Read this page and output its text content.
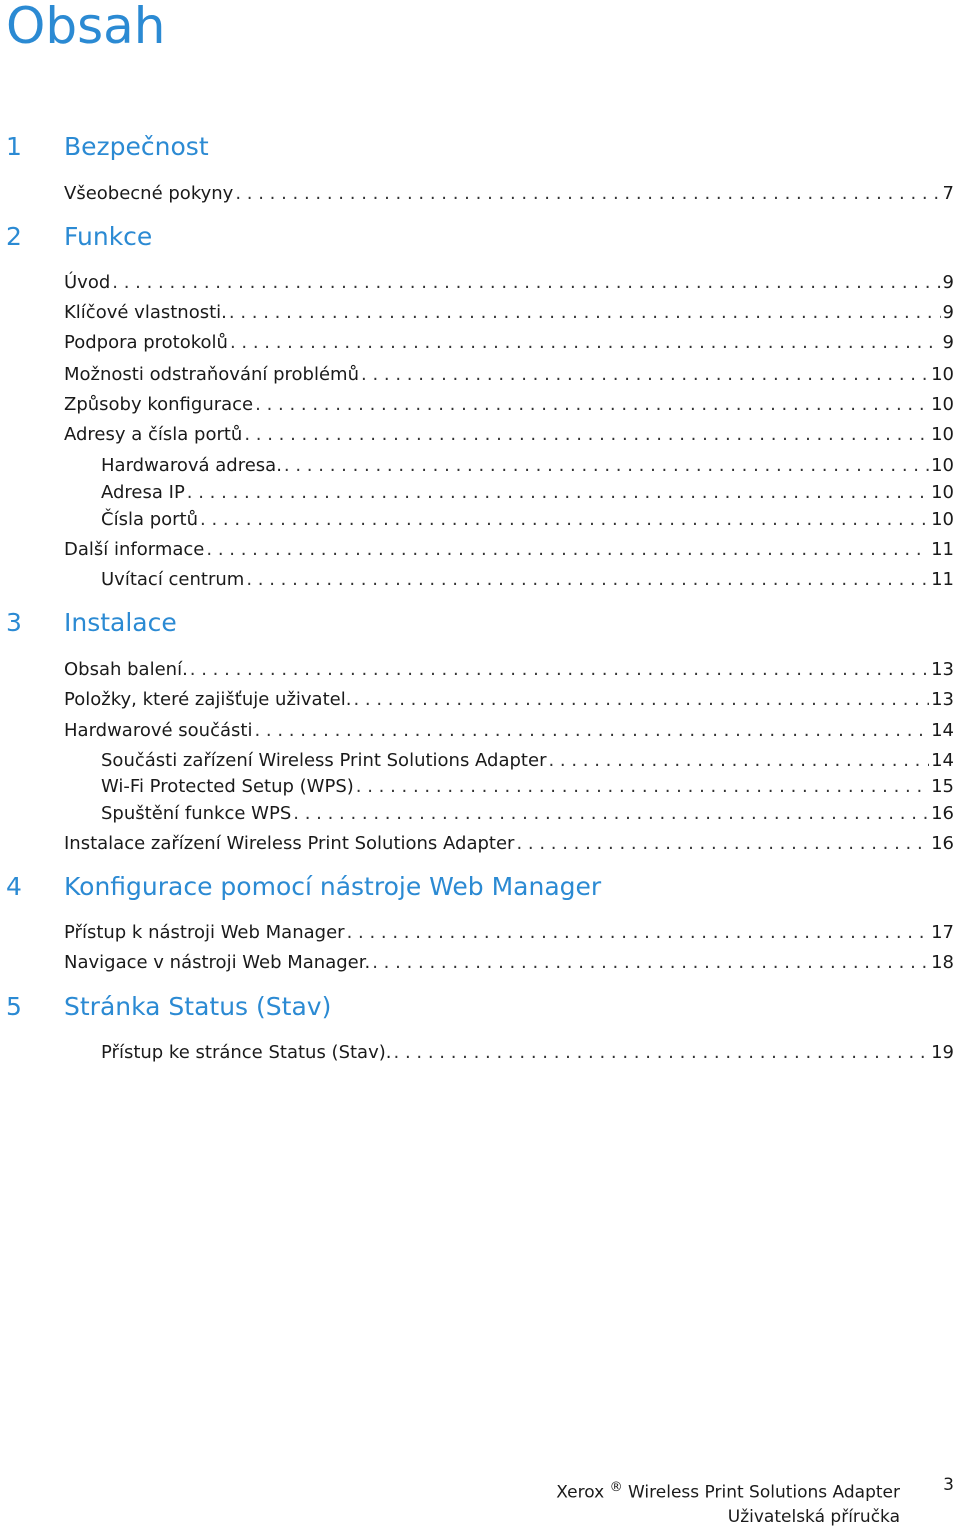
Obsah
1 Bezpečnost
Všeobecné pokyny . . .	7
2 Funkce
Úvod . . .	9
Klíčové vlastnosti. . . .	9
Podpora protokolů . . .	9
Možnosti odstraňování problémů . . .	10
Způsoby konfigurace . . .	10
Adresy a čísla portů . . .	10
Hardwarová adresa. . . .	10
Adresa IP . . .	10
Čísla portů . . .	10
Další informace . . .	11
Uvítací centrum . . .	11
3 Instalace
Obsah balení. . . .	13
Položky, které zajišťuje uživatel. . . .	13
Hardwarové součásti . . .	14
Součásti zařízení Wireless Print Solutions Adapter . . .	14
Wi-Fi Protected Setup (WPS) . . .	15
Spuštění funkce WPS . . .	16
Instalace zařízení Wireless Print Solutions Adapter . . .	16
4 Konfigurace pomocí nástroje Web Manager
Přístup k nástroji Web Manager . . .	17
Navigace v nástroji Web Manager. . . .	18
5 Stránka Status (Stav)
Přístup ke stránce Status (Stav). . . .	19
Xerox ® Wireless Print Solutions Adapter
Uživatelská příručka
3
